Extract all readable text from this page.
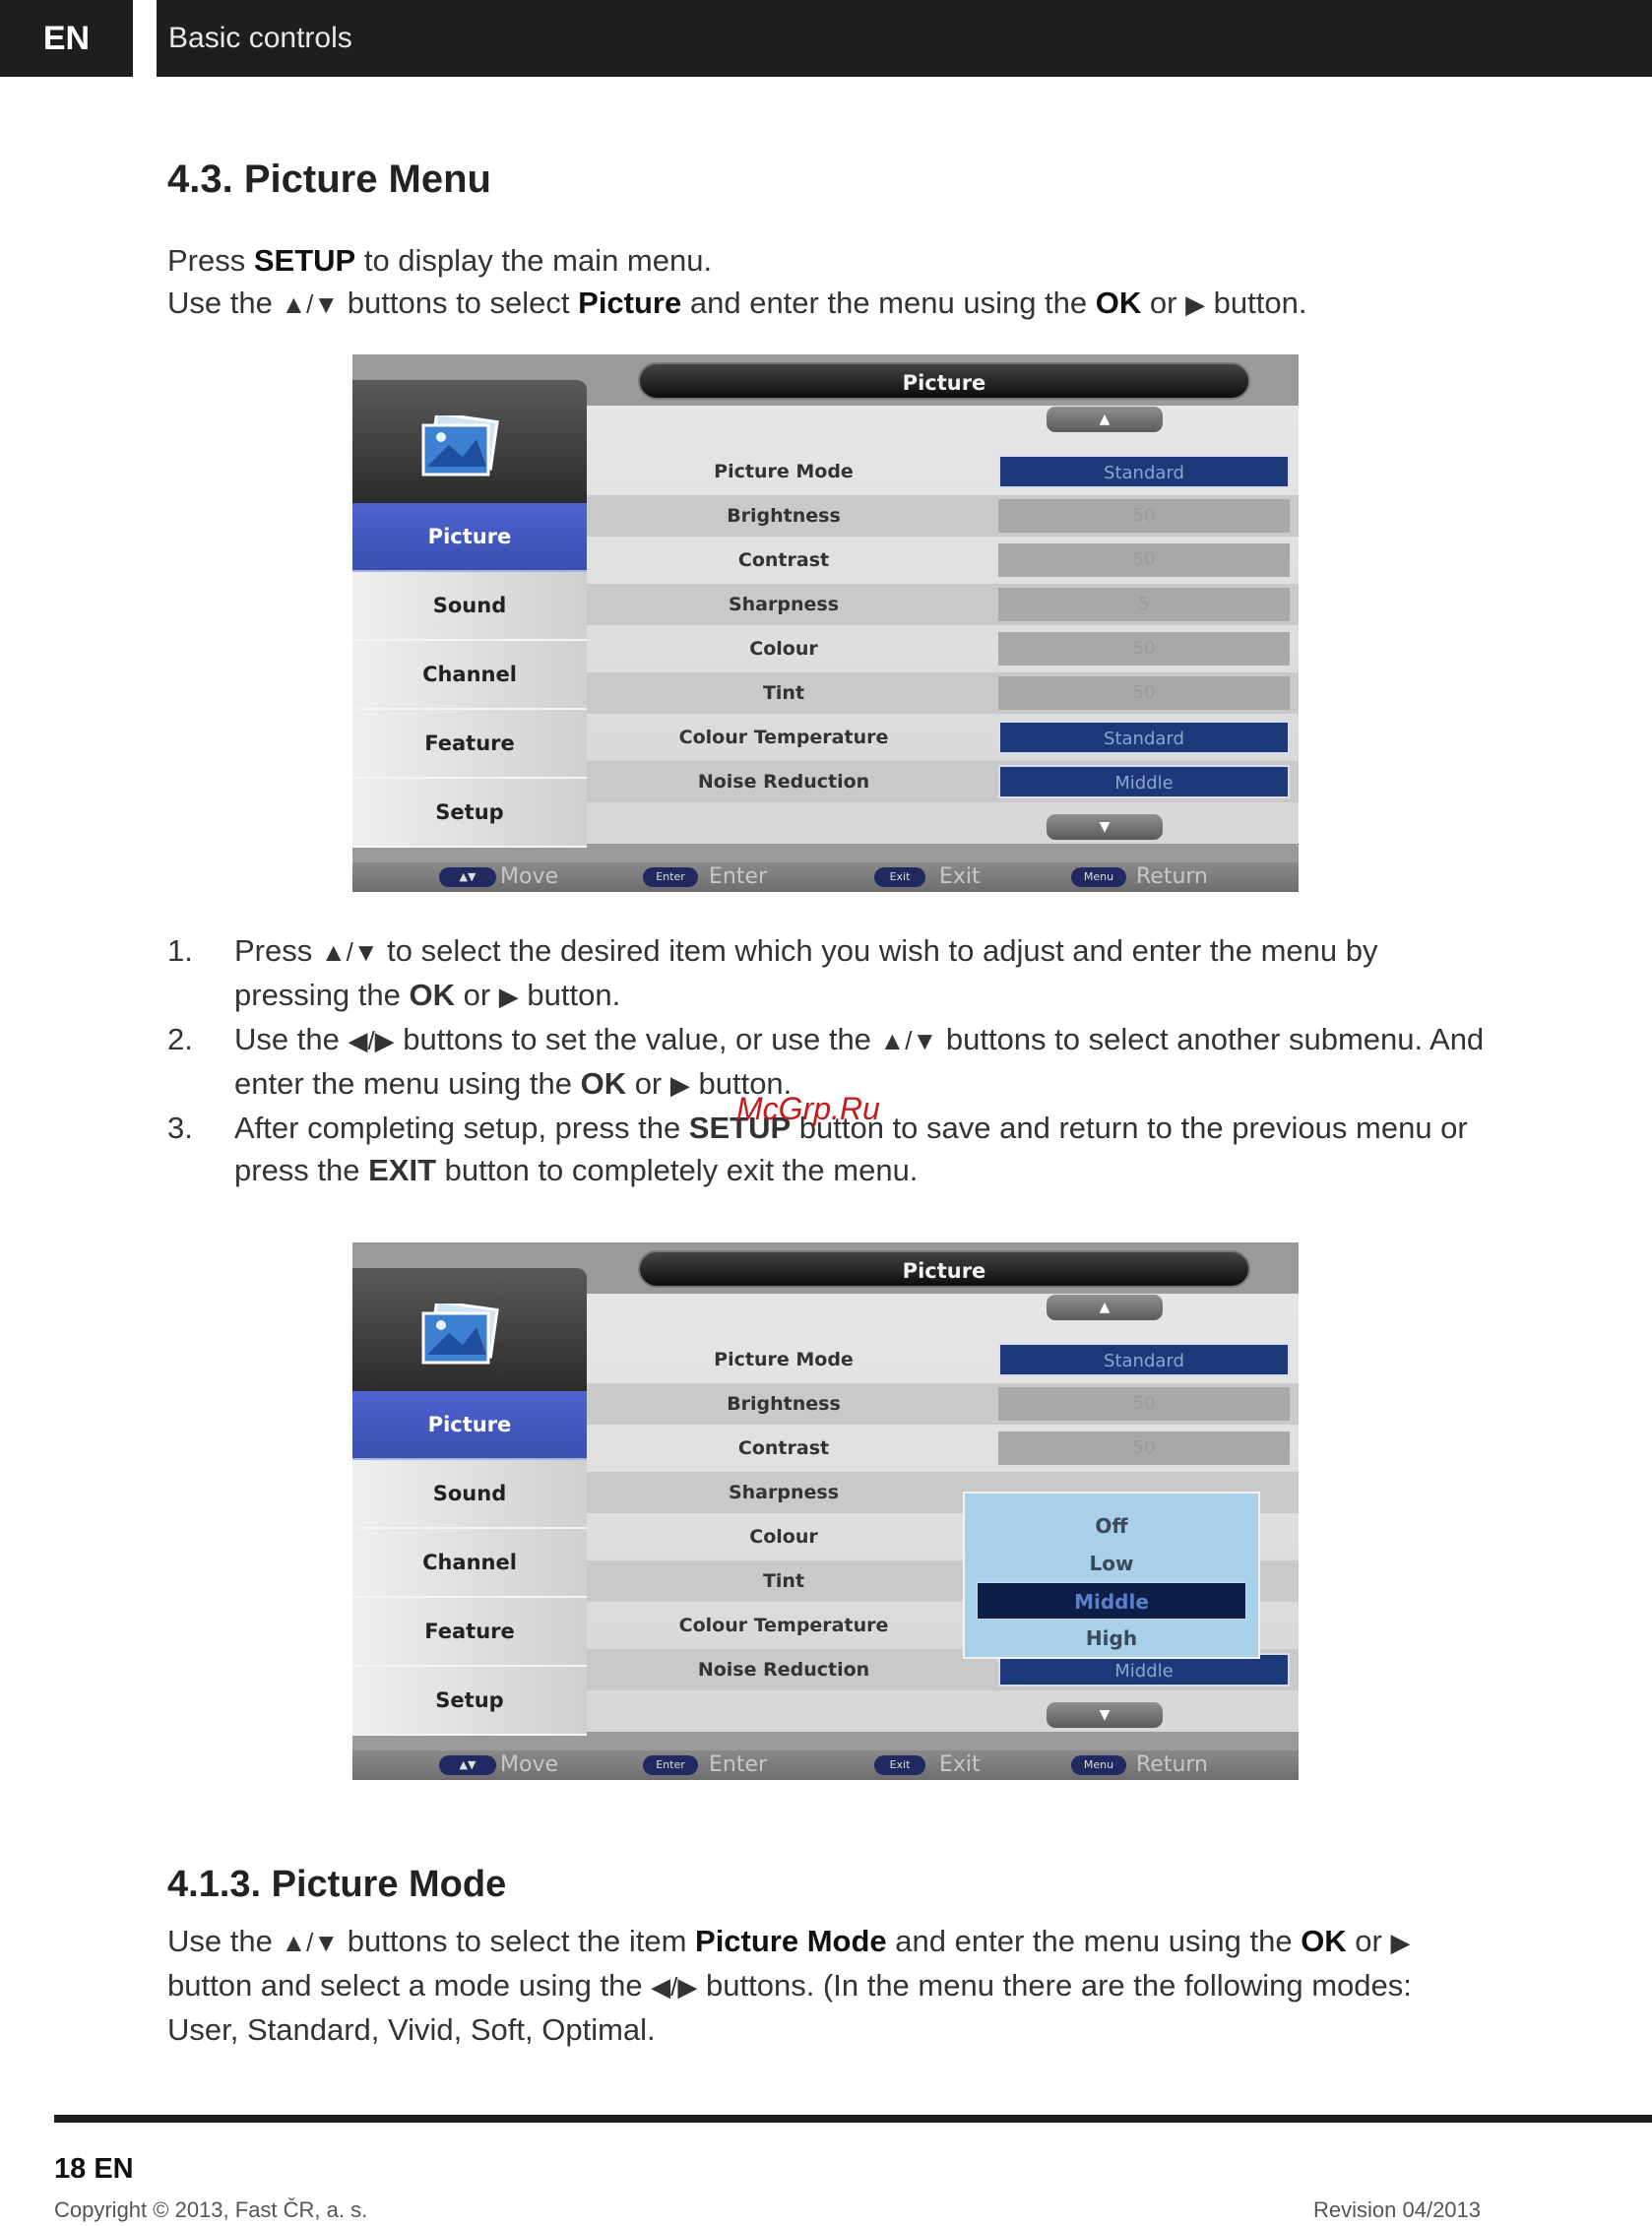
EN	Basic controls
4.3. Picture Menu
Press SETUP to display the main menu.
Use the ▲/▼ buttons to select Picture and enter the menu using the OK or ▶ button.
Picture
▲
Picture
Sound
Channel
Feature
Setup
Picture Mode	Standard
Brightness	50
Contrast	50
Sharpness	5
Colour	50
Tint	50
Colour Temperature	Standard
Noise Reduction	Middle
▼
▲▼	Move	Enter	Enter	Exit	Exit	Menu	Return
1.	Press ▲/▼ to select the desired item which you wish to adjust and enter the menu by pressing the OK or ▶ button.
2.	Use the ◀/▶ buttons to set the value, or use the ▲/▼ buttons to select another submenu. And enter the menu using the OK or ▶ button.
3.	After completing setup, press the SETUP button to save and return to the previous menu or press the EXIT button to completely exit the menu.
McGrp.Ru
Picture
▲
Picture
Sound
Channel
Feature
Setup
Picture Mode	Standard
Brightness	50
Contrast	50
Sharpness
Colour
Tint
Colour Temperature
Noise Reduction	Middle
Off
Low
Middle
High
▼
▲▼	Move	Enter	Enter	Exit	Exit	Menu	Return
4.1.3. Picture Mode
Use the ▲/▼ buttons to select the item Picture Mode and enter the menu using the OK or ▶ button and select a mode using the ◀/▶ buttons. (In the menu there are the following modes: User, Standard, Vivid, Soft, Optimal.
18 EN
Copyright © 2013, Fast ČR, a. s.	Revision 04/2013
